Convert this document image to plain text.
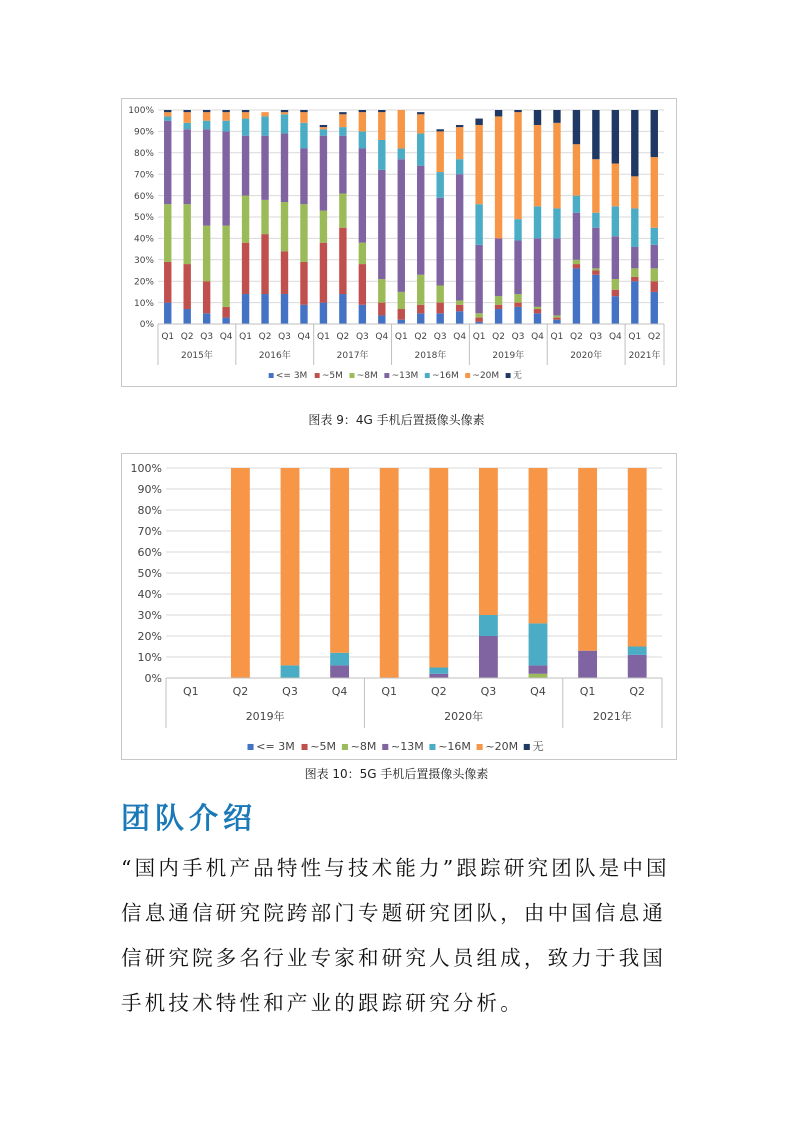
0%
10%
20%
30%
40%
50%
60%
70%
80%
90%
100%
Q1 Q2 Q3 Q4 Q1 Q2 Q3 Q4 Q1 Q2 Q3 Q4 Q1 Q2 Q3 Q4 Q1 Q2 Q3 Q4 Q1 Q2 Q3 Q4 Q1 Q2
2015年	2016年	2017年	2018年	2019年	2020年	2021年
<= 3M ~5M ~8M ~13M ~16M ~20M 无
图表 9：4G 手机后置摄像头像素
0%
10%
20%
30%
40%
50%
60%
70%
80%
90%
100%
Q1	Q2	Q3	Q4	Q1	Q2	Q3	Q4	Q1	Q2
2019年	2020年	2021年
<= 3M ~5M ~8M ~13M ~16M ~20M 无
图表 10：5G 手机后置摄像头像素
团队介绍
“国内手机产品特性与技术能力”跟踪研究团队是中国信息通信研究院跨部门专题研究团队，由中国信息通信研究院多名行业专家和研究人员组成，致力于我国手机技术特性和产业的跟踪研究分析。
